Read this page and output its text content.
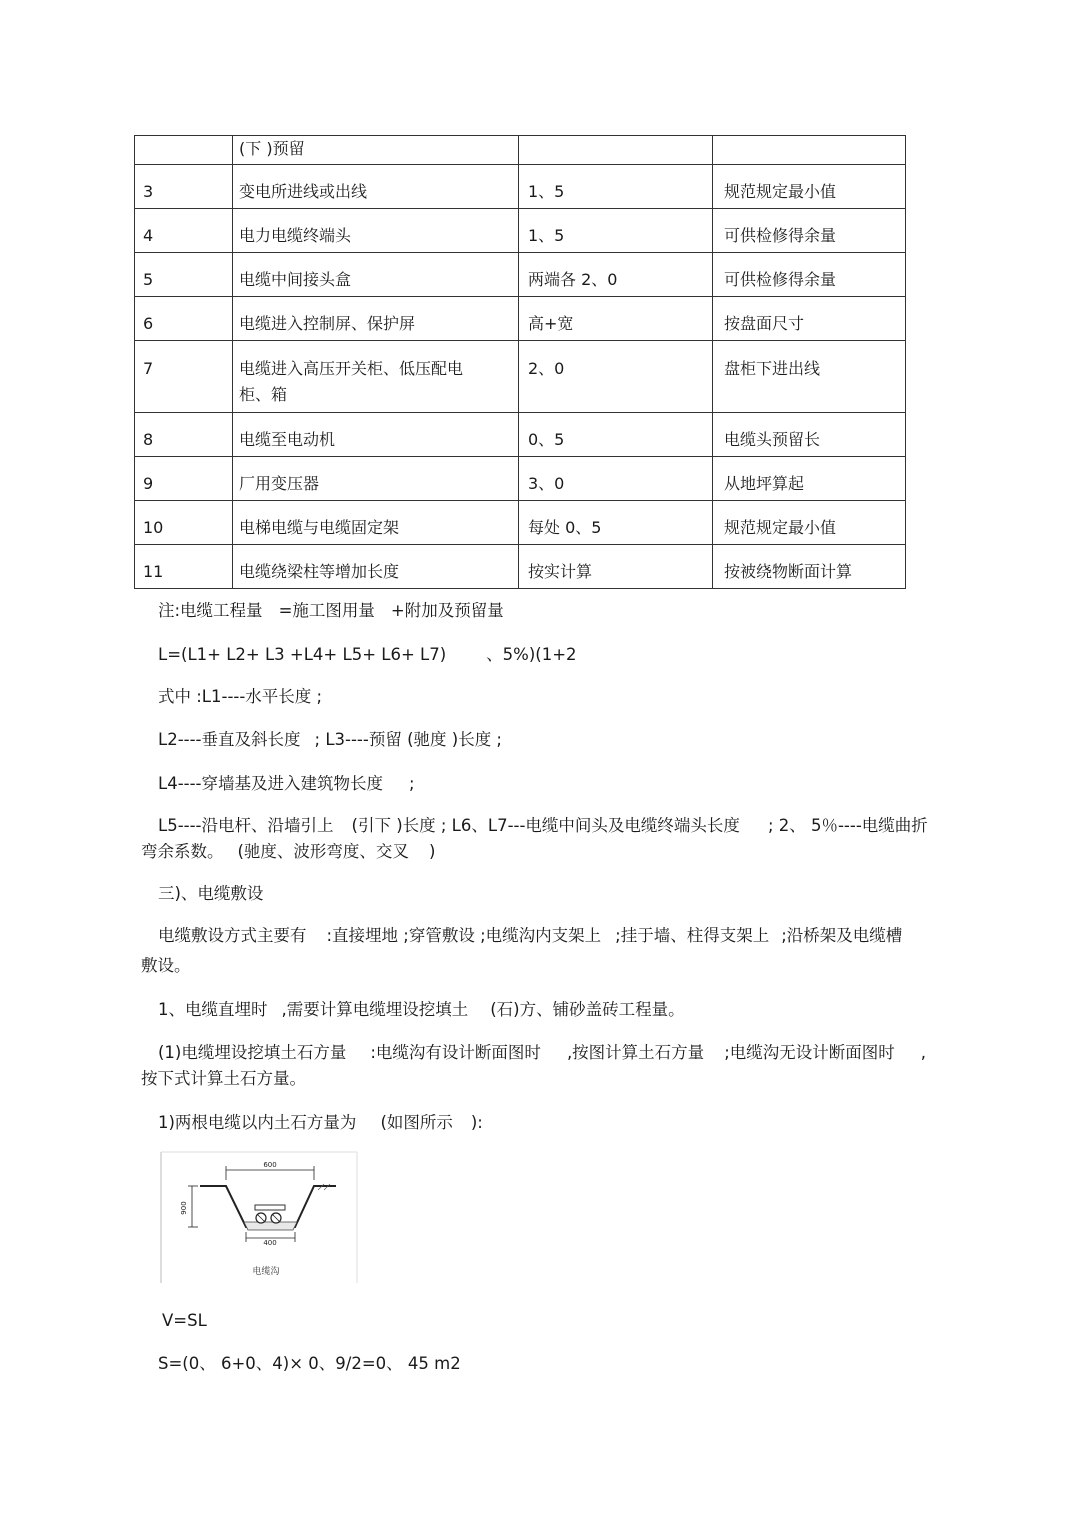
	(下 )预留		

3	变电所进线或出线	1、5	规范规定最小值

4	电力电缆终端头	1、5	可供检修得余量

5	电缆中间接头盒	两端各 2、0	可供检修得余量

6	电缆进入控制屏、保护屏	高+宽	按盘面尺寸

7	电缆进入高压开关柜、低压配电柜、箱	2、0	盘柜下进出线

8	电缆至电动机	0、5	电缆头预留长

9	厂用变压器	3、0	从地坪算起

10	电梯电缆与电缆固定架	每处 0、5	规范规定最小值

11	电缆绕梁柱等增加长度	按实计算	按被绕物断面计算
注:电缆工程量 =施工图用量 +附加及预留量
L=(L1+ L2+ L3 +L4+ L5+ L6+ L7) 、5%)(1+2
式中 :L1----水平长度 ;
L2----垂直及斜长度 ; L3----预留 (驰度 )长度 ;
L4----穿墙基及进入建筑物长度 ;
L5----沿电杆、沿墙引上 (引下 )长度 ; L6、L7---电缆中间头及电缆终端头长度 ; 2、 5％----电缆曲折
弯余系数。 (驰度、波形弯度、交叉 )
三)、电缆敷设
电缆敷设方式主要有 :直接埋地 ;穿管敷设 ;电缆沟内支架上 ;挂于墙、柱得支架上 ;沿桥架及电缆槽
敷设。
1、电缆直埋时 ,需要计算电缆埋设挖填土 (石)方、铺砂盖砖工程量。
(1)电缆埋设挖填土石方量 :电缆沟有设计断面图时 ,按图计算土石方量 ;电缆沟无设计断面图时 ,
按下式计算土石方量。
1)两根电缆以内土石方量为 (如图所示 ):
600
400
900
电缆沟
V=SL
S=(0、 6+0、4)× 0、9/2=0、 45 m2
